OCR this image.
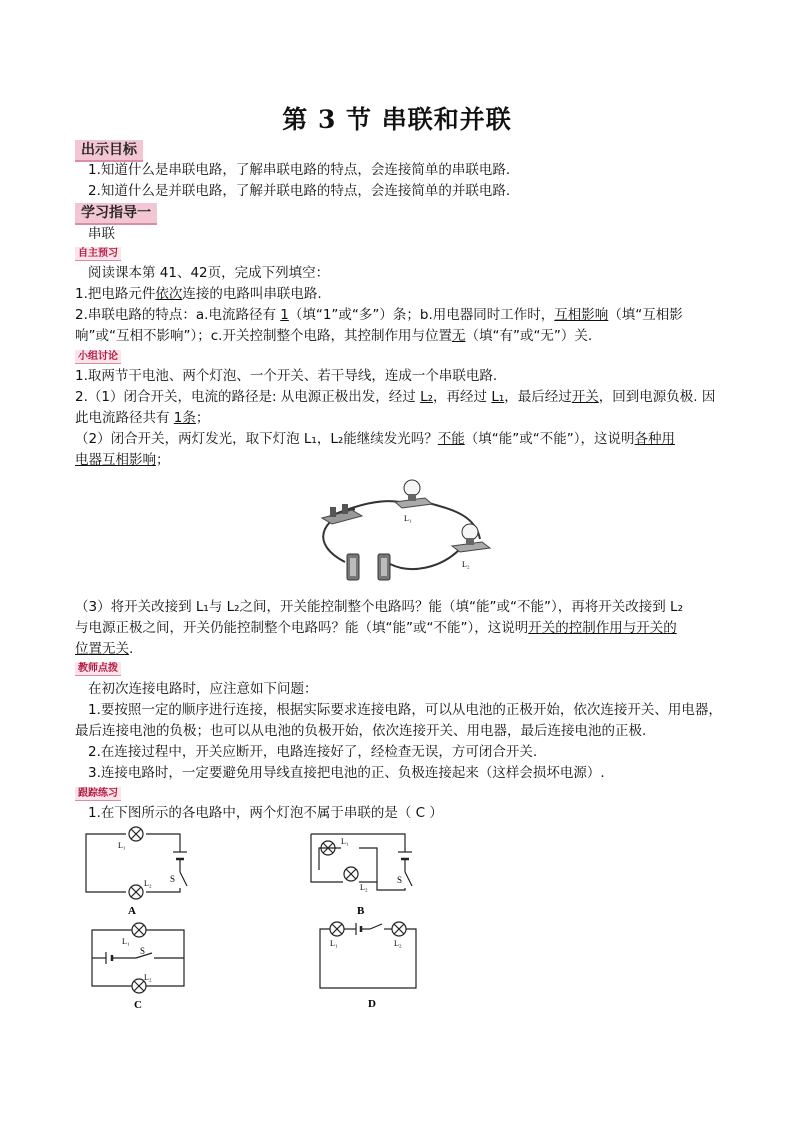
第 3 节 串联和并联
出示目标
1.知道什么是串联电路，了解串联电路的特点，会连接简单的串联电路.
2.知道什么是并联电路，了解并联电路的特点，会连接简单的并联电路.
学习指导一
串联
自主预习
阅读课本第 41、42页，完成下列填空：
1.把电路元件依次连接的电路叫串联电路.
2.串联电路的特点：a.电流路径有 1（填“1”或“多”）条；b.用电器同时工作时，互相影响（填“互相影
响”或“互相不影响”）；c.开关控制整个电路，其控制作用与位置无（填“有”或“无”）关.
小组讨论
1.取两节干电池、两个灯泡、一个开关、若干导线，连成一个串联电路.
2.（1）闭合开关，电流的路径是: 从电源正极出发，经过 L₂，再经过 L₁，最后经过开关，回到电源负极. 因
此电流路径共有 1条；
（2）闭合开关，两灯发光，取下灯泡 L₁，L₂能继续发光吗？不能（填“能”或“不能”），这说明各种用
电器互相影响；
L₁
L₂
（3）将开关改接到 L₁与 L₂之间，开关能控制整个电路吗？能（填“能”或“不能”），再将开关改接到 L₂
与电源正极之间，开关仍能控制整个电路吗？能（填“能”或“不能”），这说明开关的控制作用与开关的
位置无关.
教师点拨
在初次连接电路时，应注意如下问题：
1.要按照一定的顺序进行连接，根据实际要求连接电路，可以从电池的正极开始，依次连接开关、用电器，
最后连接电池的负极；也可以从电池的负极开始，依次连接开关、用电器，最后连接电池的正极.
2.在连接过程中，开关应断开，电路连接好了，经检查无误，方可闭合开关.
3.连接电路时，一定要避免用导线直接把电池的正、负极连接起来（这样会损坏电源）.
跟踪练习
1.在下图所示的各电路中，两个灯泡不属于串联的是（ C ）
L₁
L₂ S
A
L₁
L₂
S
B
L₁
S
L₂
C
L₁	L₂
D
